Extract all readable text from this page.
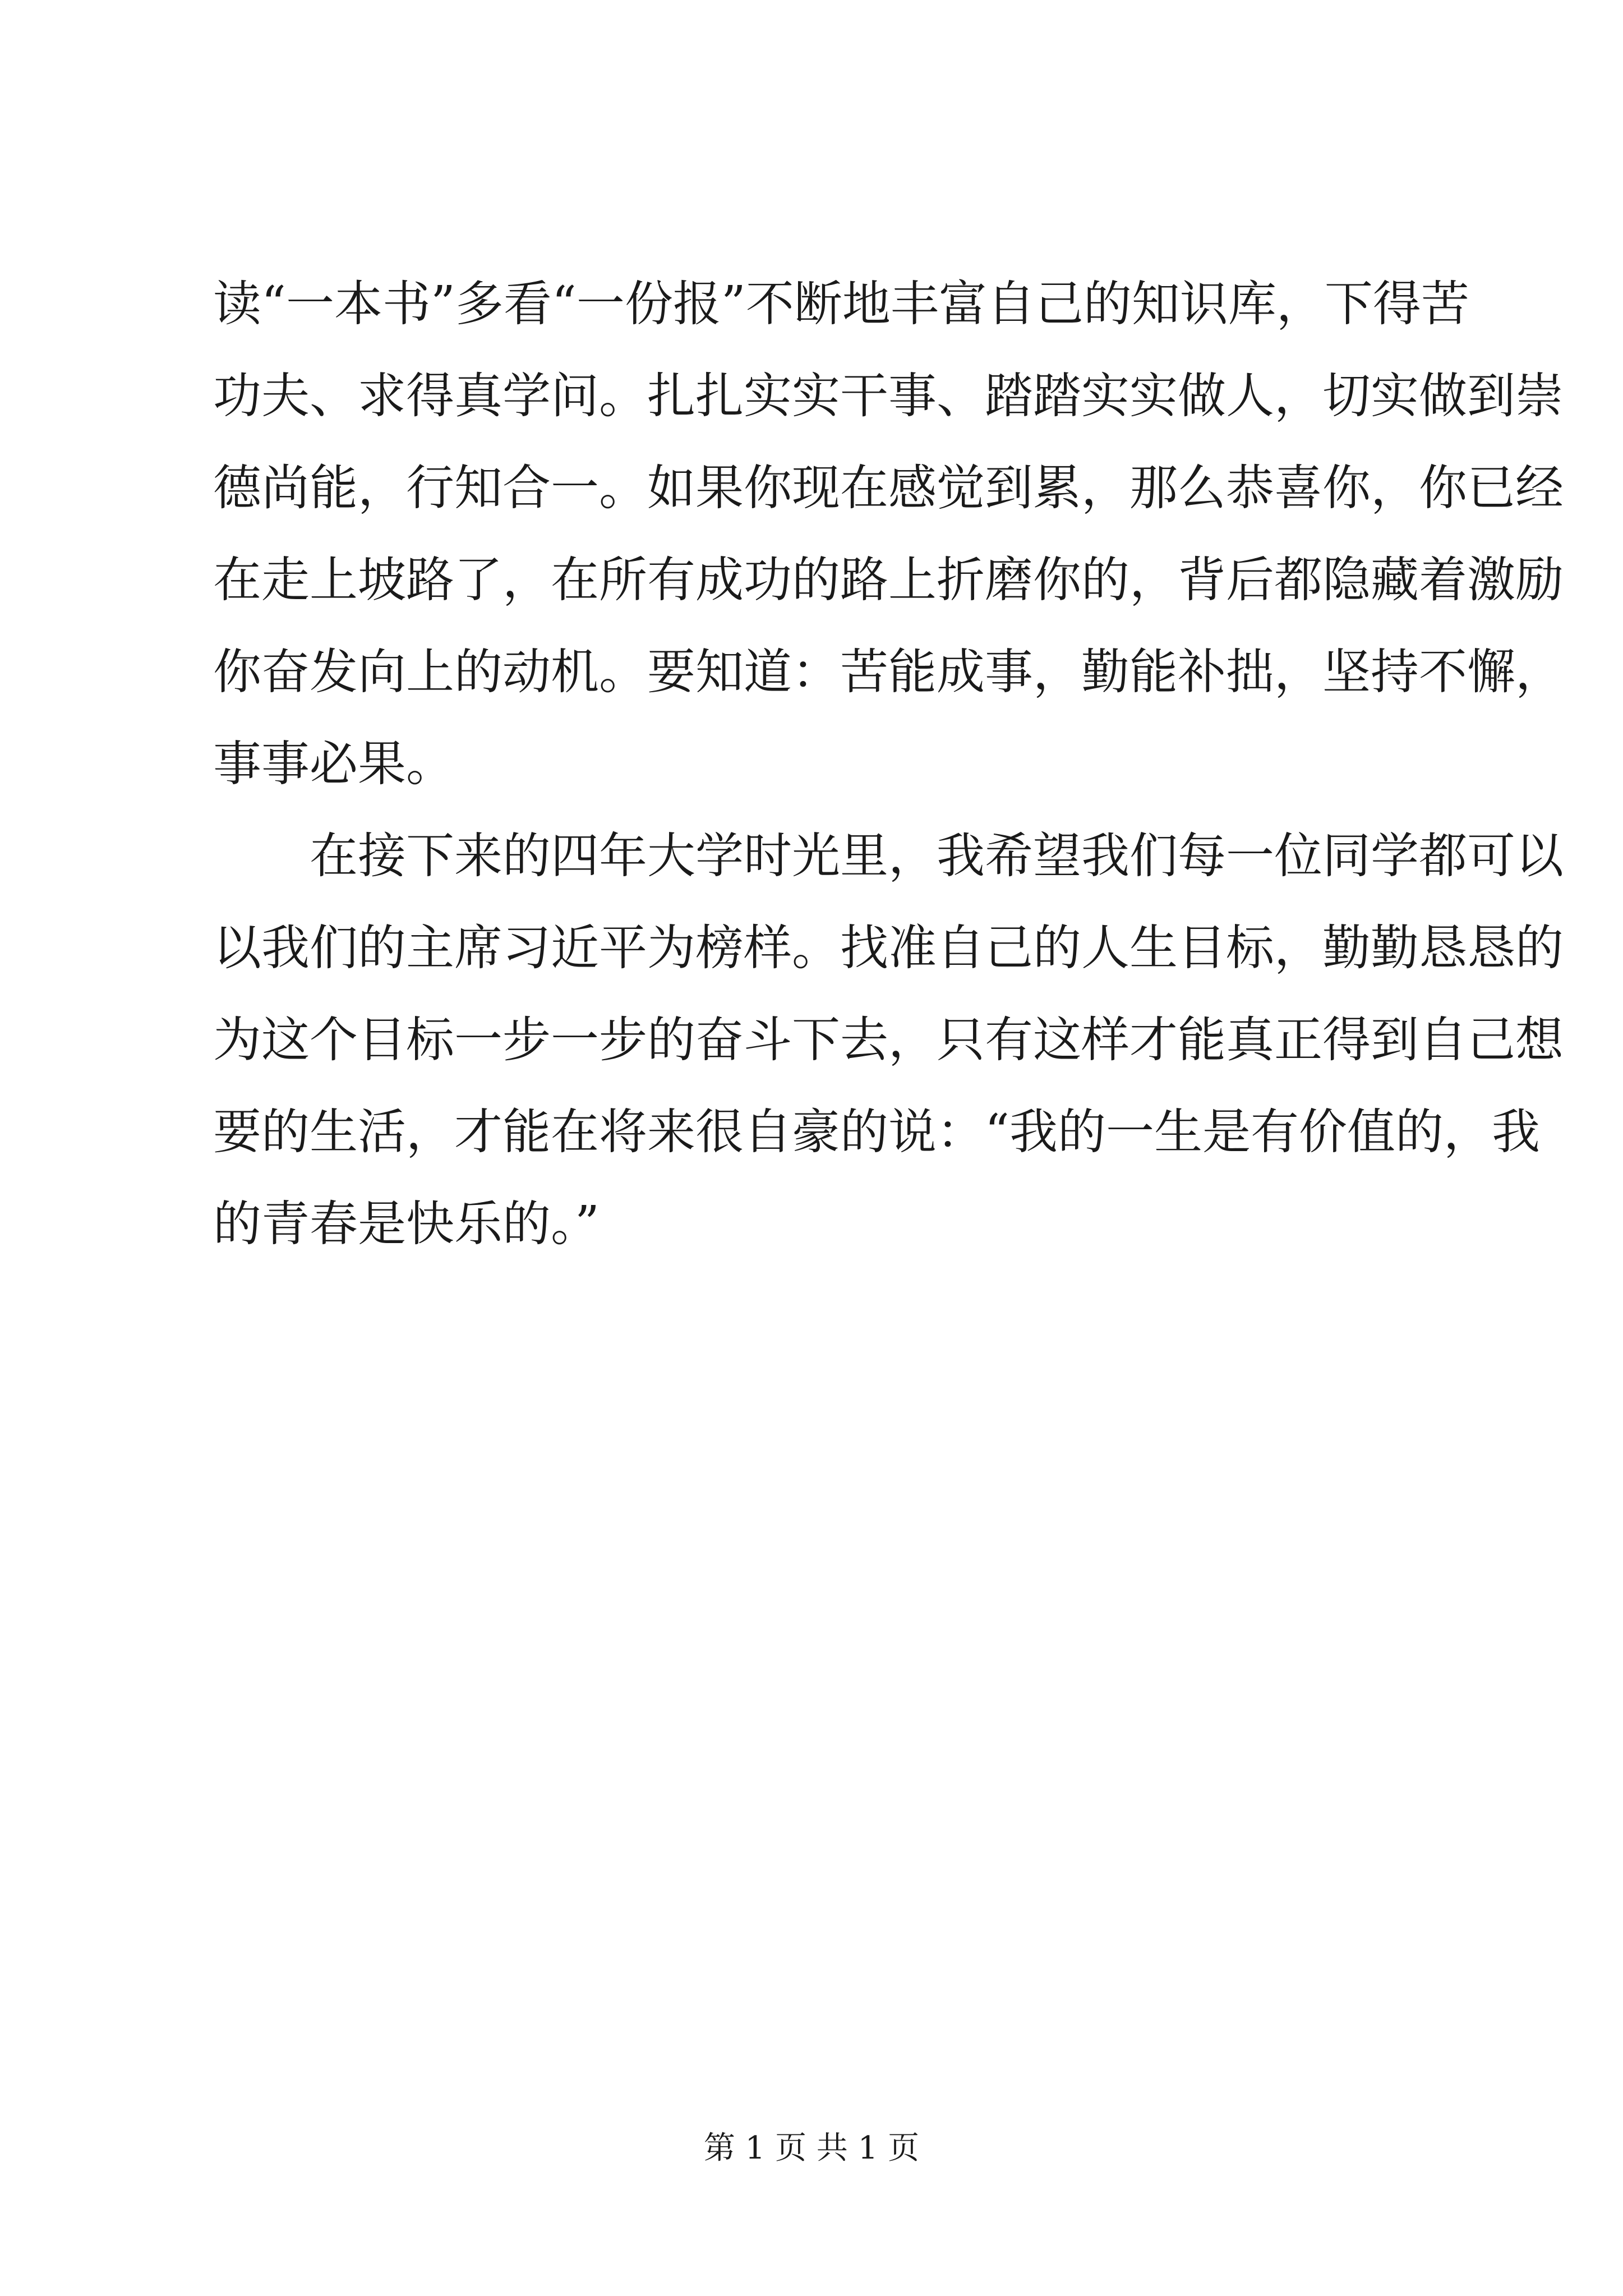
读“一本书”多看“一份报”不断地丰富自己的知识库，下得苦
功夫、求得真学问。扎扎实实干事、踏踏实实做人，切实做到崇
德尚能，行知合一。如果你现在感觉到累，那么恭喜你，你已经
在走上坡路了，在所有成功的路上折磨你的，背后都隐藏着激励
你奋发向上的动机。要知道：苦能成事，勤能补拙，坚持不懈，
事事必果。
在接下来的四年大学时光里，我希望我们每一位同学都可以
以我们的主席习近平为榜样。找准自己的人生目标，勤勤恳恳的
为这个目标一步一步的奋斗下去，只有这样才能真正得到自己想
要的生活，才能在将来很自豪的说：“我的一生是有价值的，我
的青春是快乐的。”
第 1 页 共 1 页
